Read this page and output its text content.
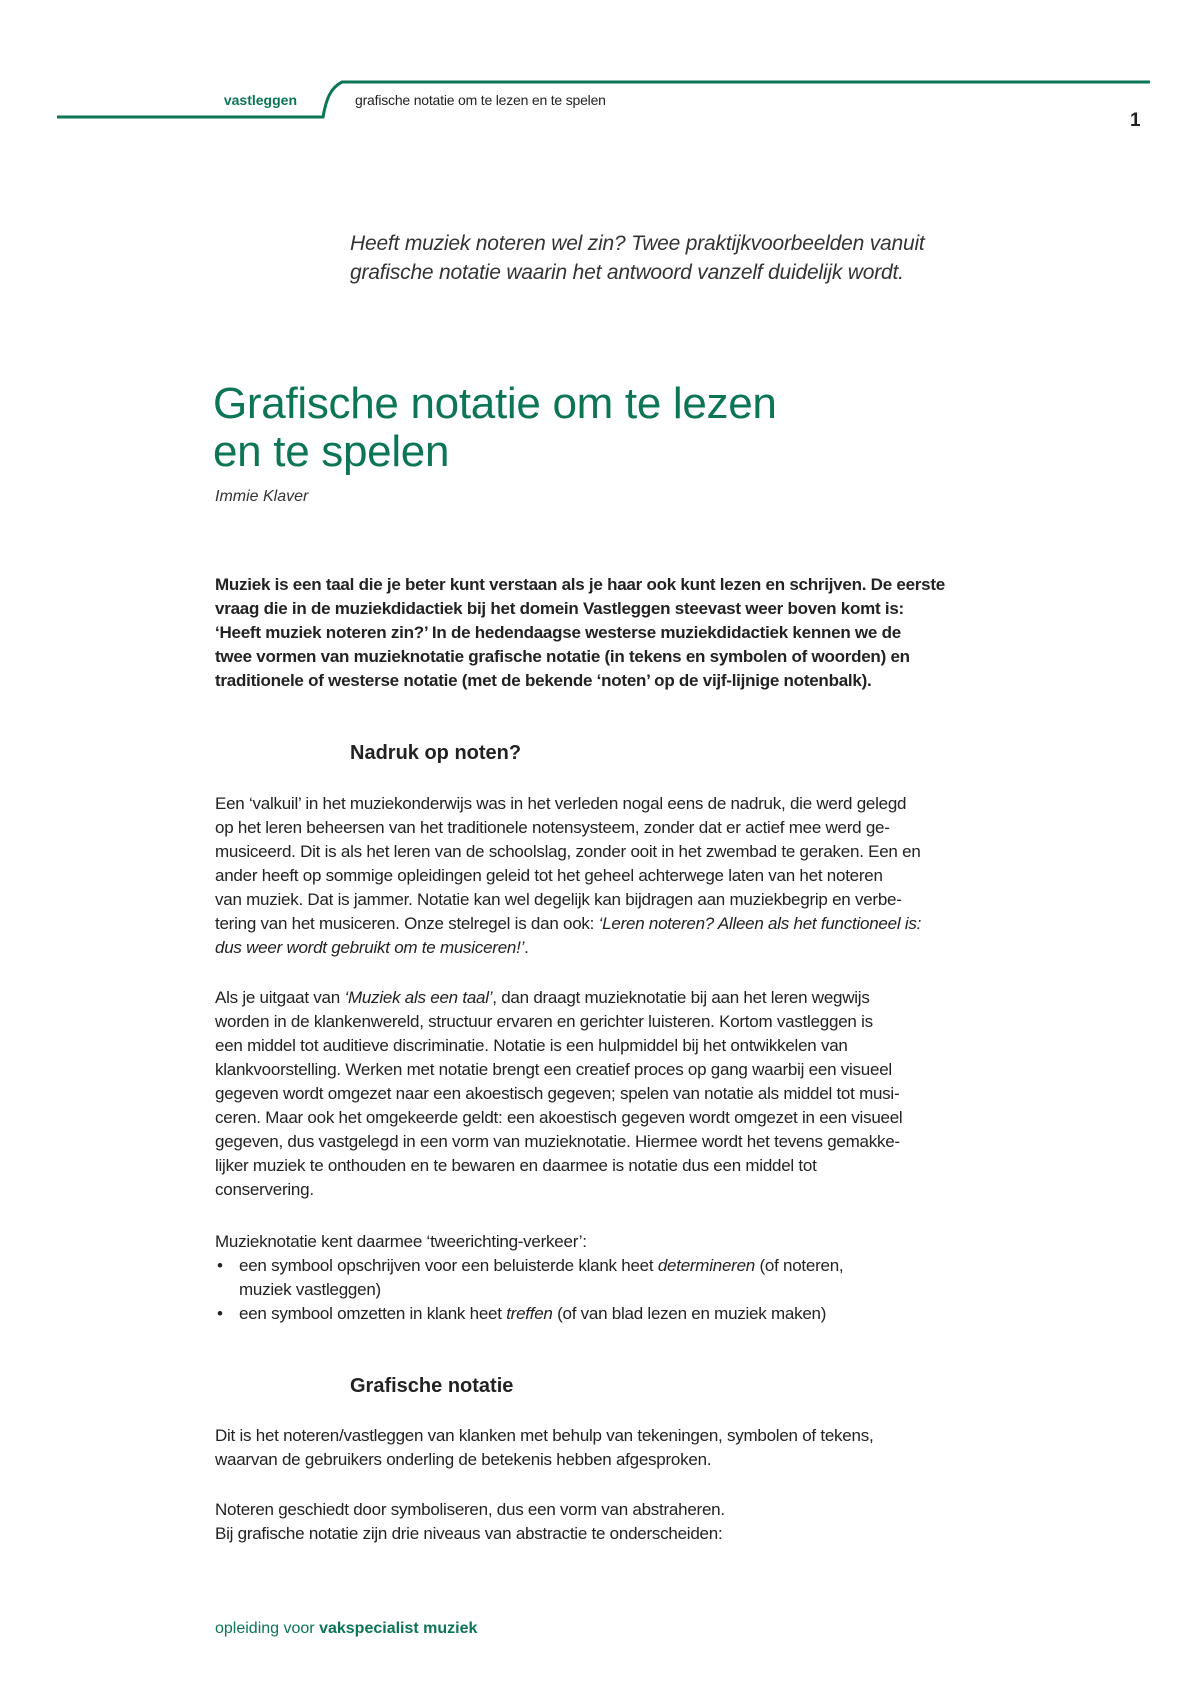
vastleggen	grafische notatie om te lezen en te spelen
1
Heeft muziek noteren wel zin? Twee praktijkvoorbeelden vanuit
grafische notatie waarin het antwoord vanzelf duidelijk wordt.
Grafische notatie om te lezen
en te spelen
Immie Klaver
Muziek is een taal die je beter kunt verstaan als je haar ook kunt lezen en schrijven. De eerste
vraag die in de muziekdidactiek bij het domein Vastleggen steevast weer boven komt is:
‘Heeft muziek noteren zin?’ In de hedendaagse westerse muziekdidactiek kennen we de
twee vormen van muzieknotatie grafische notatie (in tekens en symbolen of woorden) en
traditionele of westerse notatie (met de bekende ‘noten’ op de vijf-lijnige notenbalk).
Nadruk op noten?
Een ‘valkuil’ in het muziekonderwijs was in het verleden nogal eens de nadruk, die werd gelegd
op het leren beheersen van het traditionele notensysteem, zonder dat er actief mee werd ge-
musiceerd. Dit is als het leren van de schoolslag, zonder ooit in het zwembad te geraken. Een en
ander heeft op sommige opleidingen geleid tot het geheel achterwege laten van het noteren
van muziek. Dat is jammer. Notatie kan wel degelijk kan bijdragen aan muziekbegrip en verbe-
tering van het musiceren. Onze stelregel is dan ook: ‘Leren noteren? Alleen als het functioneel is:
dus weer wordt gebruikt om te musiceren!’.
Als je uitgaat van ‘Muziek als een taal’, dan draagt muzieknotatie bij aan het leren wegwijs
worden in de klankenwereld, structuur ervaren en gerichter luisteren. Kortom vastleggen is
een middel tot auditieve discriminatie. Notatie is een hulpmiddel bij het ontwikkelen van
klankvoorstelling. Werken met notatie brengt een creatief proces op gang waarbij een visueel
gegeven wordt omgezet naar een akoestisch gegeven; spelen van notatie als middel tot musi-
ceren. Maar ook het omgekeerde geldt: een akoestisch gegeven wordt omgezet in een visueel
gegeven, dus vastgelegd in een vorm van muzieknotatie. Hiermee wordt het tevens gemakke-
lijker muziek te onthouden en te bewaren en daarmee is notatie dus een middel tot
conservering.
Muzieknotatie kent daarmee ‘tweerichting-verkeer’:
• een symbool opschrijven voor een beluisterde klank heet determineren (of noteren,
muziek vastleggen)
• een symbool omzetten in klank heet treffen (of van blad lezen en muziek maken)
Grafische notatie
Dit is het noteren/vastleggen van klanken met behulp van tekeningen, symbolen of tekens,
waarvan de gebruikers onderling de betekenis hebben afgesproken.
Noteren geschiedt door symboliseren, dus een vorm van abstraheren.
Bij grafische notatie zijn drie niveaus van abstractie te onderscheiden:
opleiding voor vakspecialist muziek
